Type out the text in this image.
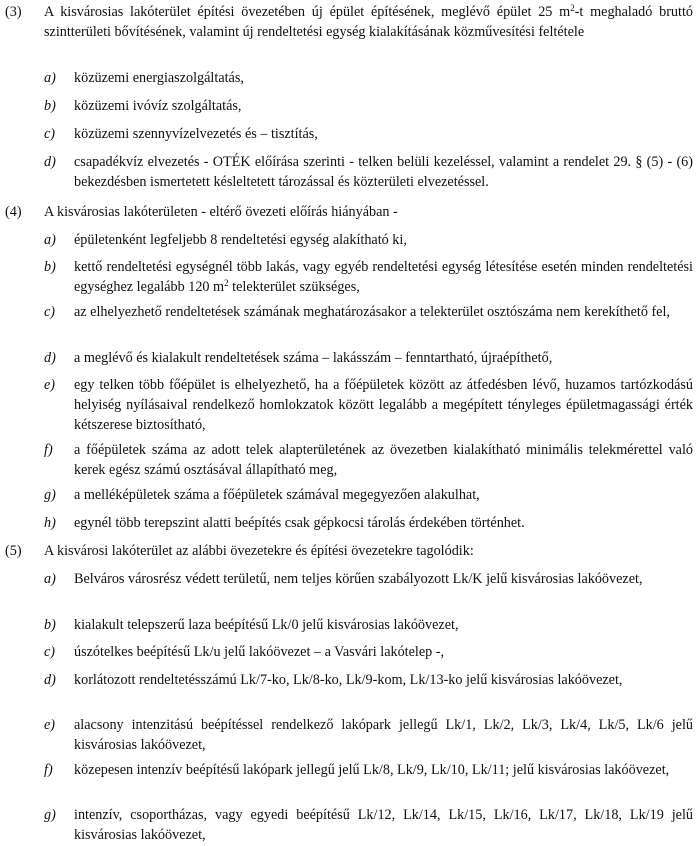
(3) A kisvárosias lakóterület építési övezetében új épület építésének, meglévő épület 25 $m^2-t$ meghaladó bruttó szintterületi bővítésének, valamint új rendeltetési egység kialakításának közművesítési feltétele
a) közüzemi energiaszolgáltatás,
b) közüzemi ivóvíz szolgáltatás,
c) közüzemi szennyvízelvezetés és – tisztítás,
d) csapadékvíz elvezetés - OTÉK előírása szerinti - telken belüli kezeléssel, valamint a rendelet 29. § (5) - (6) bekezdésben ismertetett késleltetett tározással és közterületi elvezetéssel.
(4) A kisvárosias lakóterületen - eltérő övezeti előírás hiányában -
a) épületenként legfeljebb 8 rendeltetési egység alakítható ki,
b) kettő rendeltetési egységnél több lakás, vagy egyéb rendeltetési egység létesítése esetén minden rendeltetési egységhez legalább 120 $m^2$ telekterület szükséges,
c) az elhelyezhető rendeltetések számának meghatározásakor a telekterület osztószáma nem kerekíthető fel,
d) a meglévő és kialakult rendeltetések száma – lakásszám – fenntartható, újraépíthető,
e) egy telken több főépület is elhelyezhető, ha a főépületek között az átfedésben lévő, huzamos tartózkodású helyiség nyílásaival rendelkező homlokzatok között legalább a megépített tényleges épületmagassági érték kétszerese biztosítható,
f) a főépületek száma az adott telek alapterületének az övezetben kialakítható minimális telekmérettel való kerek egész számú osztásával állapítható meg,
g) a melléképületek száma a főépületek számával megegyezően alakulhat,
h) egynél több terepszint alatti beépítés csak gépkocsi tárolás érdekében történhet.
(5) A kisvárosi lakóterület az alábbi övezetekre és építési övezetekre tagolódik:
a) Belváros városrész védett területű, nem teljes körűen szabályozott Lk/K jelű kisvárosias lakóövezet,
b) kialakult telepszerű laza beépítésű Lk/0 jelű kisvárosias lakóövezet,
c) úszótelkes beépítésű Lk/u jelű lakóövezet – a Vasvári lakótelep -,
d) korlátozott rendeltetésszámú Lk/7-ko, Lk/8-ko, Lk/9-kom, Lk/13-ko jelű kisvárosias lakóövezet,
e) alacsony intenzitású beépítéssel rendelkező lakópark jellegű Lk/1, Lk/2, Lk/3, Lk/4, Lk/5, Lk/6 jelű kisvárosias lakóövezet,
f) közepesen intenzív beépítésű lakópark jellegű jelű Lk/8, Lk/9, Lk/10, Lk/11; jelű kisvárosias lakóövezet,
g) intenzív, csoportházas, vagy egyedi beépítésű Lk/12, Lk/14, Lk/15, Lk/16, Lk/17, Lk/18, Lk/19 jelű kisvárosias lakóövezet,
